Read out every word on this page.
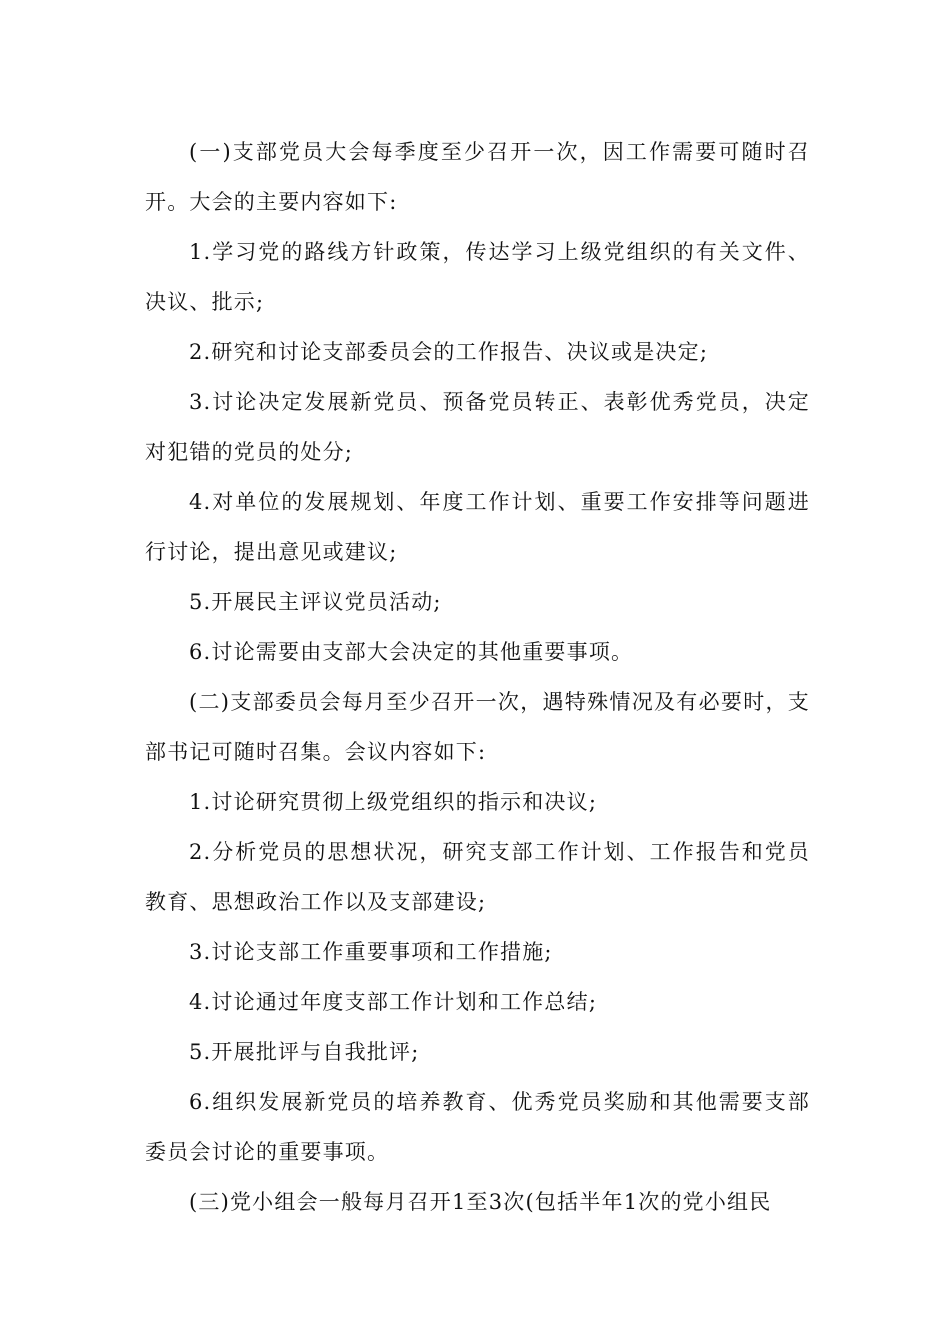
(一)支部党员大会每季度至少召开一次，因工作需要可随时召开。大会的主要内容如下:

1.学习党的路线方针政策，传达学习上级党组织的有关文件、决议、批示;

2.研究和讨论支部委员会的工作报告、决议或是决定;

3.讨论决定发展新党员、预备党员转正、表彰优秀党员，决定对犯错的党员的处分;

4.对单位的发展规划、年度工作计划、重要工作安排等问题进行讨论，提出意见或建议;

5.开展民主评议党员活动;

6.讨论需要由支部大会决定的其他重要事项。

(二)支部委员会每月至少召开一次，遇特殊情况及有必要时，支部书记可随时召集。会议内容如下:

1.讨论研究贯彻上级党组织的指示和决议;

2.分析党员的思想状况，研究支部工作计划、工作报告和党员教育、思想政治工作以及支部建设;

3.讨论支部工作重要事项和工作措施;

4.讨论通过年度支部工作计划和工作总结;

5.开展批评与自我批评;

6.组织发展新党员的培养教育、优秀党员奖励和其他需要支部委员会讨论的重要事项。

(三)党小组会一般每月召开1至3次(包括半年1次的党小组民
